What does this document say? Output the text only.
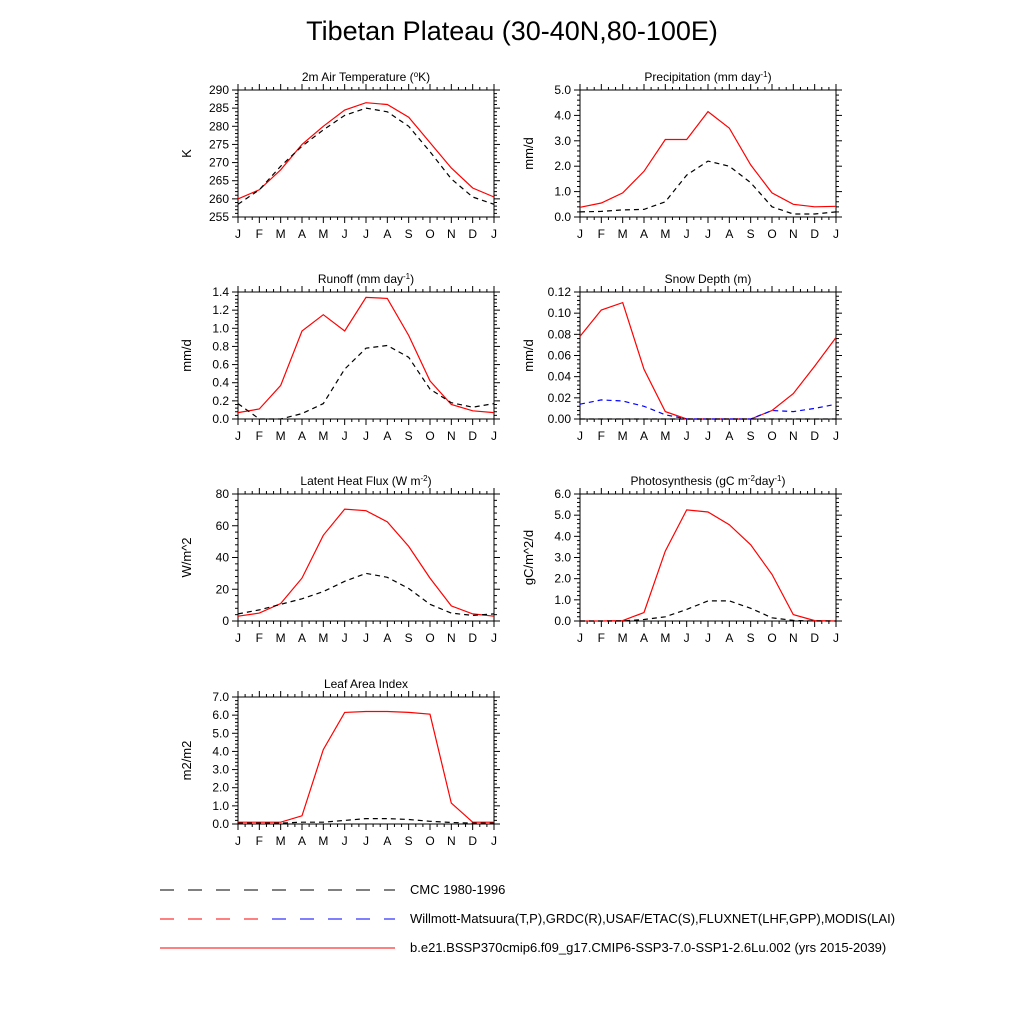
Tibetan Plateau (30-40N,80-100E)
2m Air Temperature ($^o$K)
J F M A M J J A S O N D J
255
260
265
270
275
280
285
290
K
Precipitation (mm day$^{-1}$)
J F M A M J J A S O N D J
0.0
1.0
2.0
3.0
4.0
5.0
mm/d
Runoff (mm day$^{-1}$)
J F M A M J J A S O N D J
0.0
0.2
0.4
0.6
0.8
1.0
1.2
1.4
mm/d
Snow Depth (m)
J F M A M J J A S O N D J
0.00
0.02
0.04
0.06
0.08
0.10
0.12
mm/d
Latent Heat Flux (W $m^{-2}$)
J F M A M J J A S O N D J
0
20
40
60
80
W/m^2
Photosynthesis (gC $m^{-2}day^{-1}$)
J F M A M J J A S O N D J
0.0
1.0
2.0
3.0
4.0
5.0
6.0
gC/m^2/d
Leaf Area Index
J F M A M J J A S O N D J
0.0
1.0
2.0
3.0
4.0
5.0
6.0
7.0
m2/m2
CMC 1980-1996
Willmott-Matsuura(T,P),GRDC(R),USAF/ETAC(S),FLUXNET(LHF,GPP),MODIS(LAI)
b.e21.BSSP370cmip6.f09_g17.CMIP6-SSP3-7.0-SSP1-2.6Lu.002 (yrs 2015-2039)
